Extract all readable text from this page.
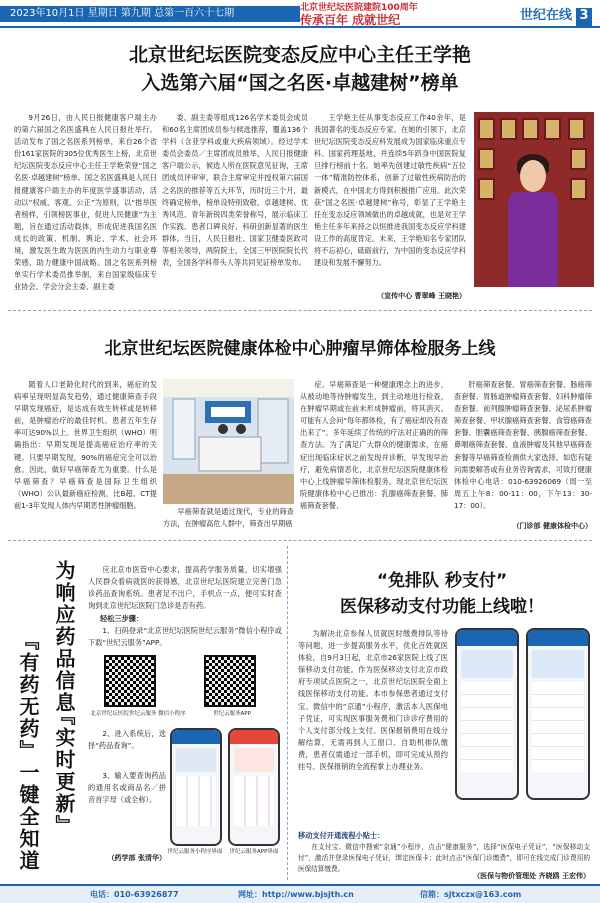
2023年10月1日 星期日 第九期 总第一百六十七期	北京世纪坛医院建院100周年
传承百年 成就世纪	世纪在线 3
北京世纪坛医院变态反应中心主任王学艳
入选第六届“国之名医·卓越建树”榜单

9月26日，由人民日报健康客户端主办的第六届国之名医盛典在人民日报社举行。活动发布了国之名医系列榜单，来自26个省份161家医院的305位优秀医生上榜，北京世纪坛医院变态反应中心主任王学艳荣登“国之名医·卓越建树”榜单。国之名医盛典是人民日报健康客户端主办的年度医学盛事活动，活动以“权威、客观、公正”为原则，以“推举医者榜样，引领榜医事业，促进人民健康”为主题，旨在通过活动载体，形成促进我国名医成长的政策、机制、舆论、学术、社会环境，激发医生敢为医医的内生动力与职业尊荣感，助力健康中国战略。国之名医系列榜单实行学术委员推举制，来自国家级临床专业协会、学会分会主委、副主委

委、副主委等组成126名学术委员会成员和60名主席团成员参与候选推荐，覆盖136个学科（含亚学科或重大疾病领域）。经过学术委员会委员／主席团成员推举，人民日报健康客户端公示，候选人所在医院意见征询，王席团成员评审审，联合主席审定并授权第六届国之名医的推荐等五大环节，历时近三个月，最终确定榜单，榜单设特别致敬、卓越建树、优秀风范、青年新锐四类荣誉称号，展示临床工作实践、患者口碑良好、科研创新显著的医生群体。当日，人民日报社、国家卫健委医政司等相关领导，两院院士，全国三甲医院院长代表，全国各学科带头人等共同见证榜单发布。

王学艳主任从事变态反应工作40余年，是我国著名的变态反应专家。在她的引领下，北京世纪坛医院变态反应科发展成为国家临床重点专科、国家药理基地，并连续5年跻身中国医院复旦排行榜前十名。她率先创建过敏性疾病“五位一体”精准防控体系，创新了过敏性疾病防治的新模式，在中国北方得到积极推广应用。此次荣获“国之名医·卓越建树”称号，彰显了王学艳主任在变态反应领域做出的卓越成就，也是对王学艳主任多年来持之以恒推进我国变态反应学科建设工作的高度肯定。未来，王学艳知名专家团队将不忘初心，砥砺前行，为中国的变态反应学科建设和发展不懈努力。

（宣传中心 曹翠峰 王晓艳）
北京世纪坛医院健康体检中心肿瘤早筛体检服务上线

随着人口老龄化时代的到来，癌症的发病率呈现明显高发趋势，通过健康筛查手段早期发现癌症，是达成有效生转移或是转移前，是肿瘤治疗的最佳时机。患者五年生存率可达90%以上。世界卫生组织（WHO）明确指出：早期发现是提高癌症治疗率的关键。只要早期发现，90%的癌症完全可以治愈。因此，做好早癌筛查尤为重要。什么是早癌筛查？早癌筛查是国际卫生组织（WHO）公认最新癌症检测，比B超、CT提前1-3年发现人体内早期恶性肿瘤细胞。

早癌筛查就是通过现代，专业的筛查方法，在肿瘤高危人群中，筛查出早期癌

症。早癌筛查是一种健康理念上的进步，从被动地等待肿瘤发生，到主动地进行检查，在肿瘤早期或在前未形成肿瘤前，将其消灭。可能有人会问“每年都体检，有了癌症却没有查出来了”。多年延续了传统的疗法对正确的的筛查方法。为了满足广大群众的健康需求，在癌症出现临床症状之前发现并诊断，早发现早治疗，避免病情恶化，北京世纪坛医院健康体检中心上线肿瘤早筛体检服务。现北京世纪坛医院健康体检中心已推出：乳腺癌筛查套餐、肺癌筛查套餐、

肝癌筛查套餐、胃癌筛查套餐、肠癌筛查套餐、胃肠道肿瘤筛查套餐、妇科肿瘤筛查套餐、前列腺肿瘤筛查套餐、泌尿系肿瘤筛查套餐、甲状腺癌筛查套餐、食管癌筛查套餐、胆囊癌筛查套餐、胰腺癌筛查套餐、鼻咽癌筛查套餐、血液肿瘤及其他早癌筛查套餐等早癌筛查检测供大家选择。如您有疑问需要解答或有业务咨询需求，可致打健康体检中心电话：010-63926069（周一至周五上午8：00-11：00，下午13：30-17：00）。

（门诊部 健康体检中心）
为响应药品信息
『实时更新』
『有药无药』一键全知道

应北京市医管中心要求，提高药学服务质量，切实增强人民群众看病就医的获得感，北京世纪坛医院建立完善门急诊药品查询系统。患者足不出户，手机点一点，便可实时查询到北京世纪坛医院门急诊是否有药。

轻松三步骤：

1、扫码登录“北京世纪坛医院世纪云服务”微信小程序或下载“世纪云服务”APP。

北京世纪坛医院世纪云服务 微信小程序	世纪云服务APP

2、进入系统后，选择“药品查询”。

3、输入要查询药品的通用名或商品名／拼音首字母（或全称）。

（药学部 张清华）
世纪云服务小程序界面	世纪云服务APP界面
“免排队 秒支付”
医保移动支付功能上线啦！

为解决北京参保人员就医时缴费排队等待等问题，进一步提高服务水平，优化百姓就医体验，自9月3日起，北京市26家医院上线了医保移动支付功能。作为医保移动支付北京市政府专项试点医院之一，北京世纪坛医院全面上线医保移动支付功能。本市参保患者通过支付宝、微信中的“京通”小程序，激活本人医保电子凭证，可实现医事服务费和门诊诊疗费用的个人支付部分线上支付。医保报销费用在线分解结算，无需再到人工窗口、自助机排队缴费，患者仅需通过一部手机，即可完成从预约挂号、医保报销的全流程掌上办理业务。

移动支付开通流程小贴士：

在支付宝、微信中搜索“京通”小程序，点击“健康服务”，选择“医保电子凭证”，“医保移动支付”，激活并登录医保电子凭证，绑定医保卡；此时点击“医保门诊缴费”，即可在线完成门诊费用的医保结算缴费。

（医保与物价管理处 齐晓鸥 王宏伟）
电话：010-63926877	网址：http://www.bjsjth.cn	信箱：sjtxczx@163.com
